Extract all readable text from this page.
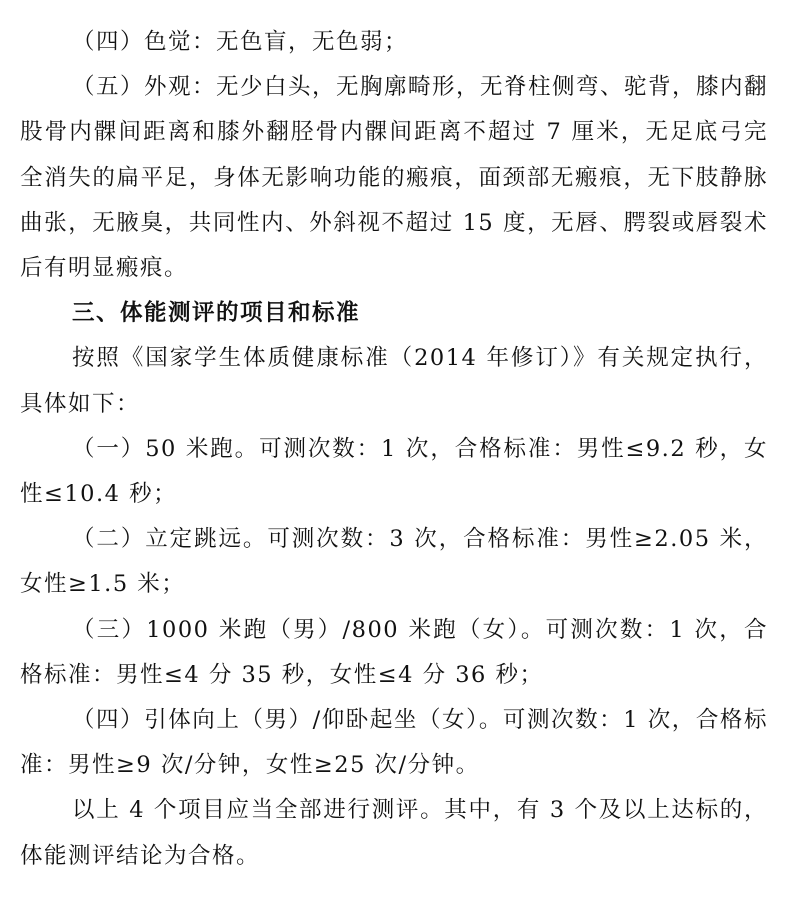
（四）色觉：无色盲，无色弱；

（五）外观：无少白头，无胸廓畸形，无脊柱侧弯、驼背，膝内翻股骨内髁间距离和膝外翻胫骨内髁间距离不超过 7 厘米，无足底弓完全消失的扁平足，身体无影响功能的瘢痕，面颈部无瘢痕，无下肢静脉曲张，无腋臭，共同性内、外斜视不超过 15 度，无唇、腭裂或唇裂术后有明显瘢痕。

三、体能测评的项目和标准

按照《国家学生体质健康标准（2014 年修订）》有关规定执行，具体如下：

（一）50 米跑。可测次数：1 次，合格标准：男性≤9.2 秒，女性≤10.4 秒；

（二）立定跳远。可测次数：3 次，合格标准：男性≥2.05 米，女性≥1.5 米；

（三）1000 米跑（男）/800 米跑（女）。可测次数：1 次，合格标准：男性≤4 分 35 秒，女性≤4 分 36 秒；

（四）引体向上（男）/仰卧起坐（女）。可测次数：1 次，合格标准：男性≥9 次/分钟，女性≥25 次/分钟。

以上 4 个项目应当全部进行测评。其中，有 3 个及以上达标的，体能测评结论为合格。
